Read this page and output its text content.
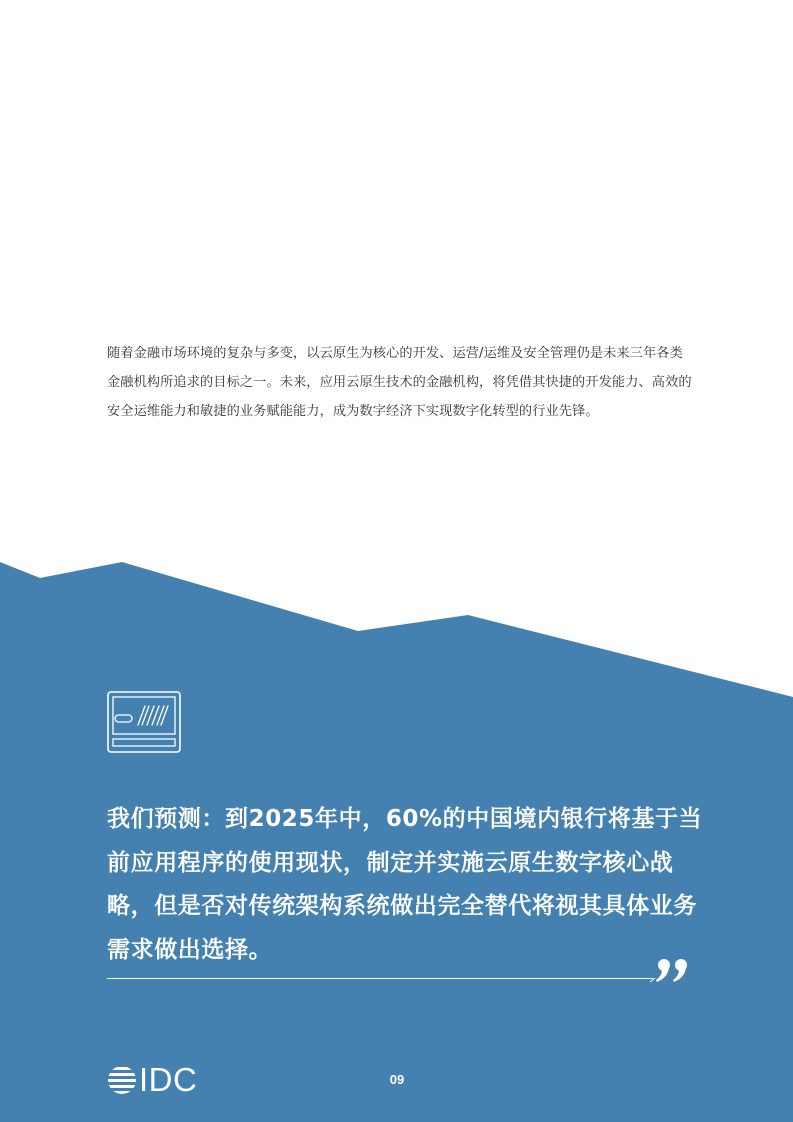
随着金融市场环境的复杂与多变，以云原生为核心的开发、运营/运维及安全管理仍是未来三年各类金融机构所追求的目标之一。未来，应用云原生技术的金融机构，将凭借其快捷的开发能力、高效的安全运维能力和敏捷的业务赋能能力，成为数字经济下实现数字化转型的行业先锋。

我们预测：到2025年中，60%的中国境内银行将基于当前应用程序的使用现状，制定并实施云原生数字核心战略，但是否对传统架构系统做出完全替代将视其具体业务需求做出选择。

IDC	09
